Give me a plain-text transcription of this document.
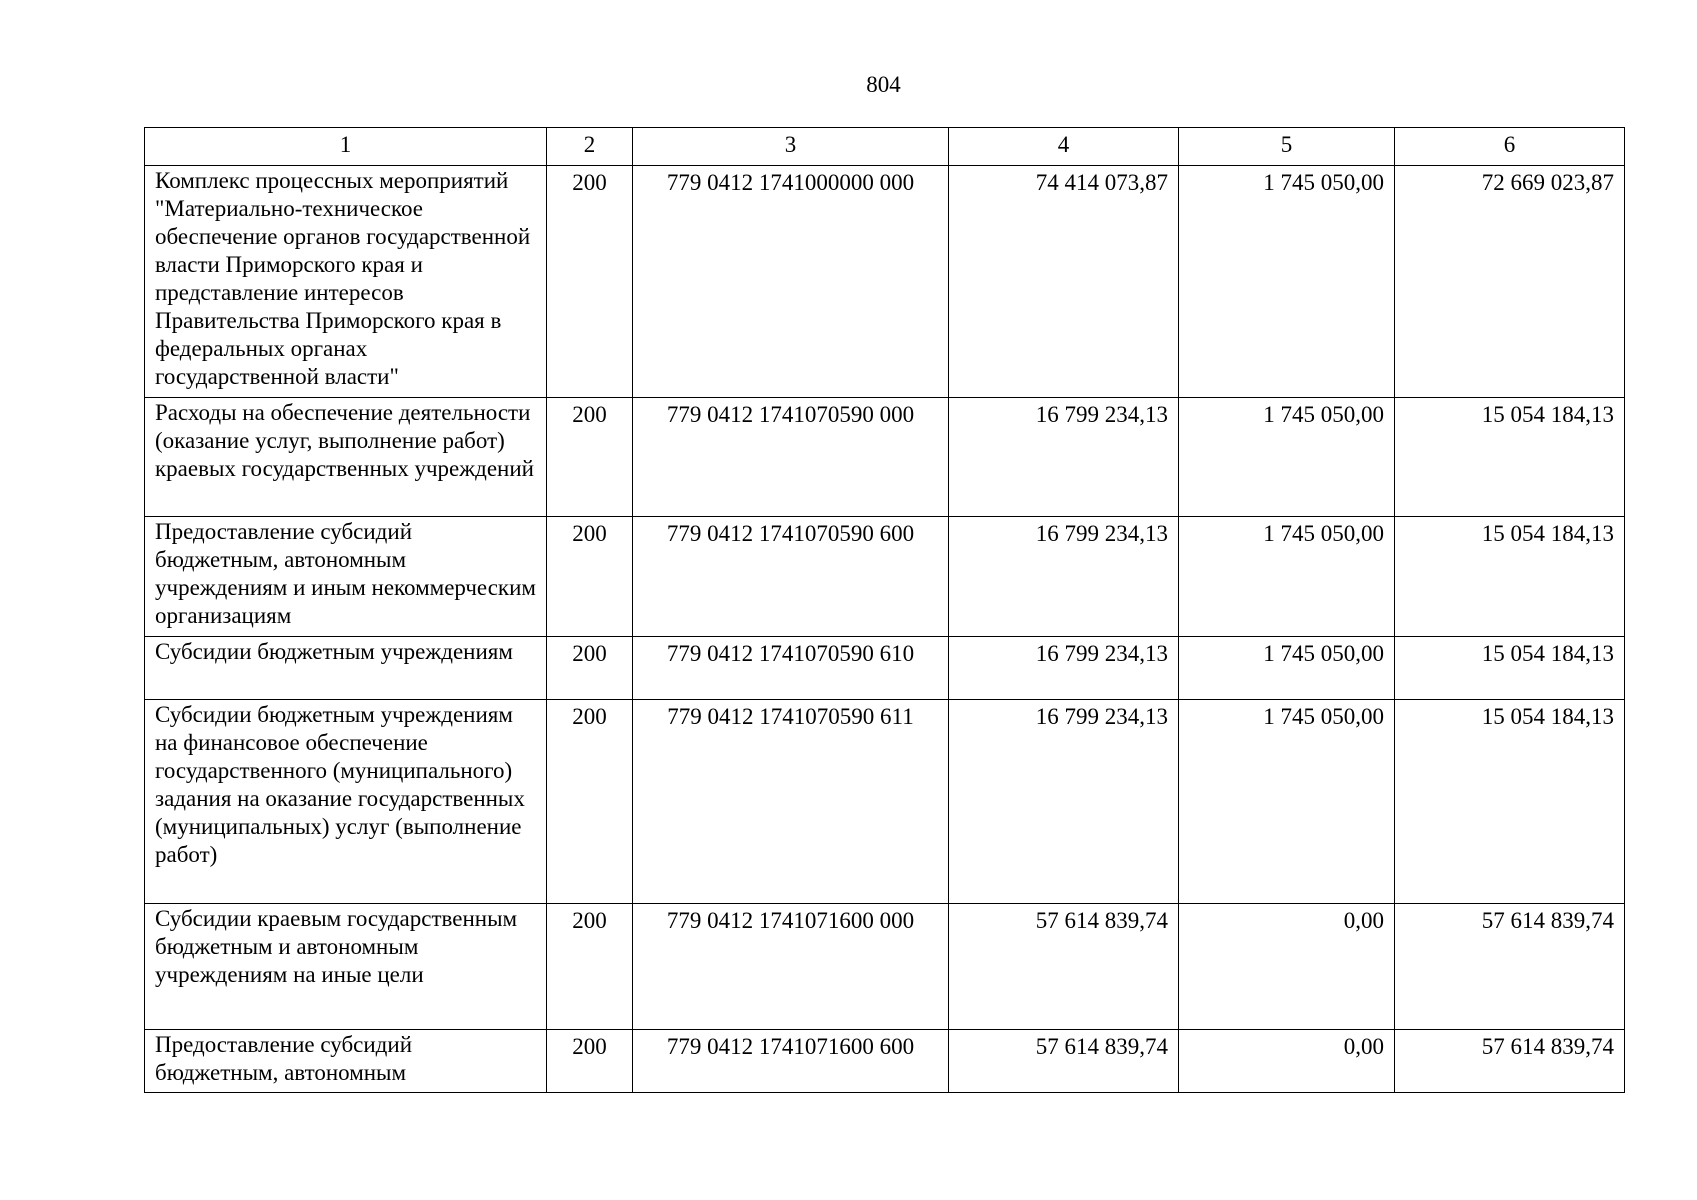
804
1	2	3	4	5	6
Комплекс процессных мероприятий "Материально-техническое обеспечение органов государственной власти Приморского края и представление интересов Правительства Приморского края в федеральных органах государственной власти"	200	779 0412 1741000000 000	74 414 073,87	1 745 050,00	72 669 023,87
Расходы на обеспечение деятельности (оказание услуг, выполнение работ) краевых государственных учреждений	200	779 0412 1741070590 000	16 799 234,13	1 745 050,00	15 054 184,13
Предоставление субсидий бюджетным, автономным учреждениям и иным некоммерческим организациям	200	779 0412 1741070590 600	16 799 234,13	1 745 050,00	15 054 184,13
Субсидии бюджетным учреждениям	200	779 0412 1741070590 610	16 799 234,13	1 745 050,00	15 054 184,13
Субсидии бюджетным учреждениям на финансовое обеспечение государственного (муниципального) задания на оказание государственных (муниципальных) услуг (выполнение работ)	200	779 0412 1741070590 611	16 799 234,13	1 745 050,00	15 054 184,13
Субсидии краевым государственным бюджетным и автономным учреждениям на иные цели	200	779 0412 1741071600 000	57 614 839,74	0,00	57 614 839,74
Предоставление субсидий бюджетным, автономным	200	779 0412 1741071600 600	57 614 839,74	0,00	57 614 839,74
